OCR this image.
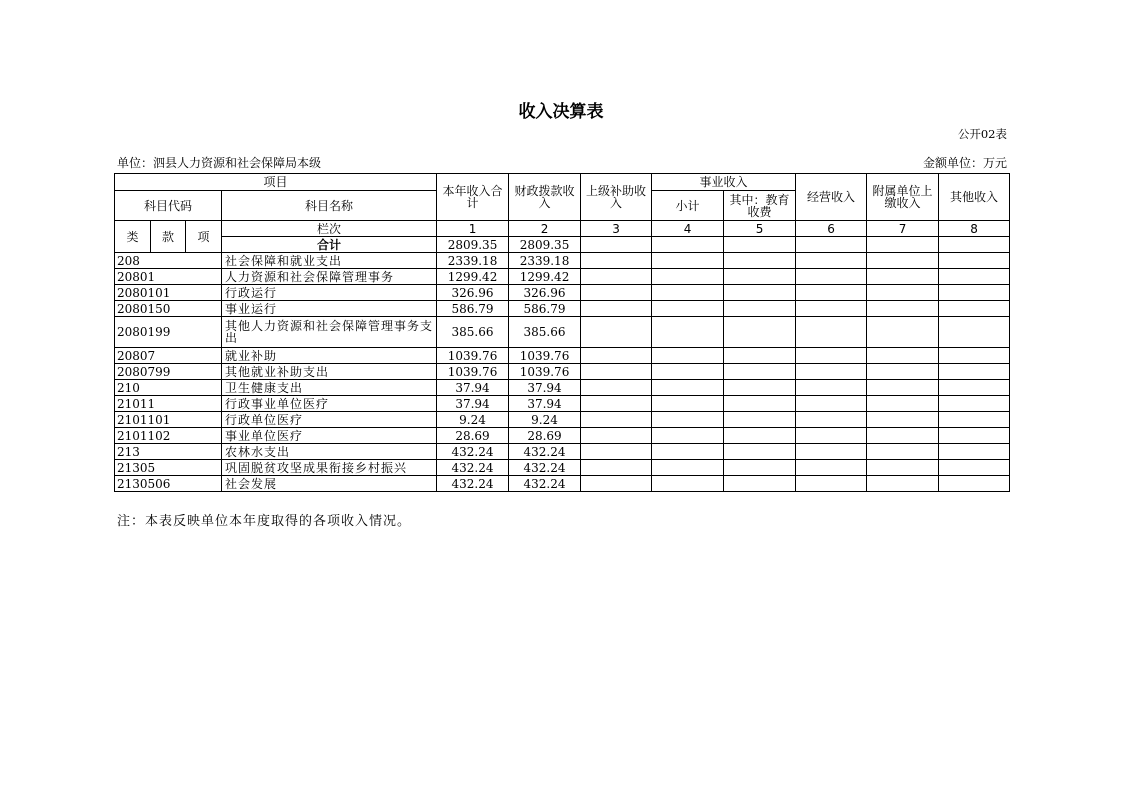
收入决算表
公开02表
单位：泗县人力资源和社会保障局本级	金额单位：万元
项目				本年收入合计	财政拨款收入	上级补助收入	事业收入		经营收入	附属单位上缴收入	其他收入	
科目代码			科目名称				小计	其中：教育收费				
类	款	项	栏次	1	2	3	4	5	6	7	8	
			合计	2809.35	2809.35							
208			社会保障和就业支出	2339.18	2339.18							
20801			人力资源和社会保障管理事务	1299.42	1299.42							
2080101			行政运行	326.96	326.96							
2080150			事业运行	586.79	586.79							
2080199			其他人力资源和社会保障管理事务支出	385.66	385.66							
20807			就业补助	1039.76	1039.76							
2080799			其他就业补助支出	1039.76	1039.76							
210			卫生健康支出	37.94	37.94							
21011			行政事业单位医疗	37.94	37.94							
2101101			行政单位医疗	9.24	9.24							
2101102			事业单位医疗	28.69	28.69							
213			农林水支出	432.24	432.24							
21305			巩固脱贫攻坚成果衔接乡村振兴	432.24	432.24							
2130506			社会发展	432.24	432.24							
注：本表反映单位本年度取得的各项收入情况。
